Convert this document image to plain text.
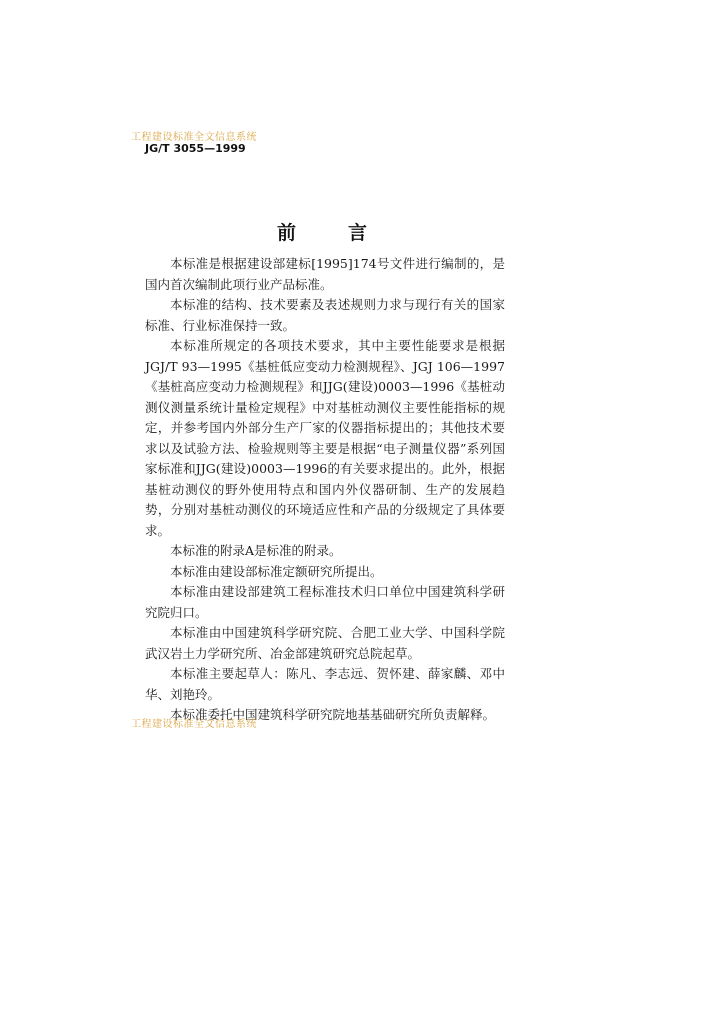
工程建设标准全文信息系统
JG/T 3055—1999
前言

本标准是根据建设部建标[1995]174号文件进行编制的，是国内首次编制此项行业产品标准。

本标准的结构、技术要素及表述规则力求与现行有关的国家标准、行业标准保持一致。

本标准所规定的各项技术要求，其中主要性能要求是根据JGJ/T 93—1995《基桩低应变动力检测规程》、JGJ 106—1997《基桩高应变动力检测规程》和JJG(建设)0003—1996《基桩动测仪测量系统计量检定规程》中对基桩动测仪主要性能指标的规定，并参考国内外部分生产厂家的仪器指标提出的；其他技术要求以及试验方法、检验规则等主要是根据“电子测量仪器”系列国家标准和JJG(建设)0003—1996的有关要求提出的。此外，根据基桩动测仪的野外使用特点和国内外仪器研制、生产的发展趋势，分别对基桩动测仪的环境适应性和产品的分级规定了具体要求。

本标准的附录A是标准的附录。

本标准由建设部标准定额研究所提出。

本标准由建设部建筑工程标准技术归口单位中国建筑科学研究院归口。

本标准由中国建筑科学研究院、合肥工业大学、中国科学院武汉岩土力学研究所、冶金部建筑研究总院起草。

本标准主要起草人：陈凡、李志远、贺怀建、薛家麟、邓中华、刘艳玲。

本标准委托中国建筑科学研究院地基基础研究所负责解释。

工程建设标准全文信息系统
